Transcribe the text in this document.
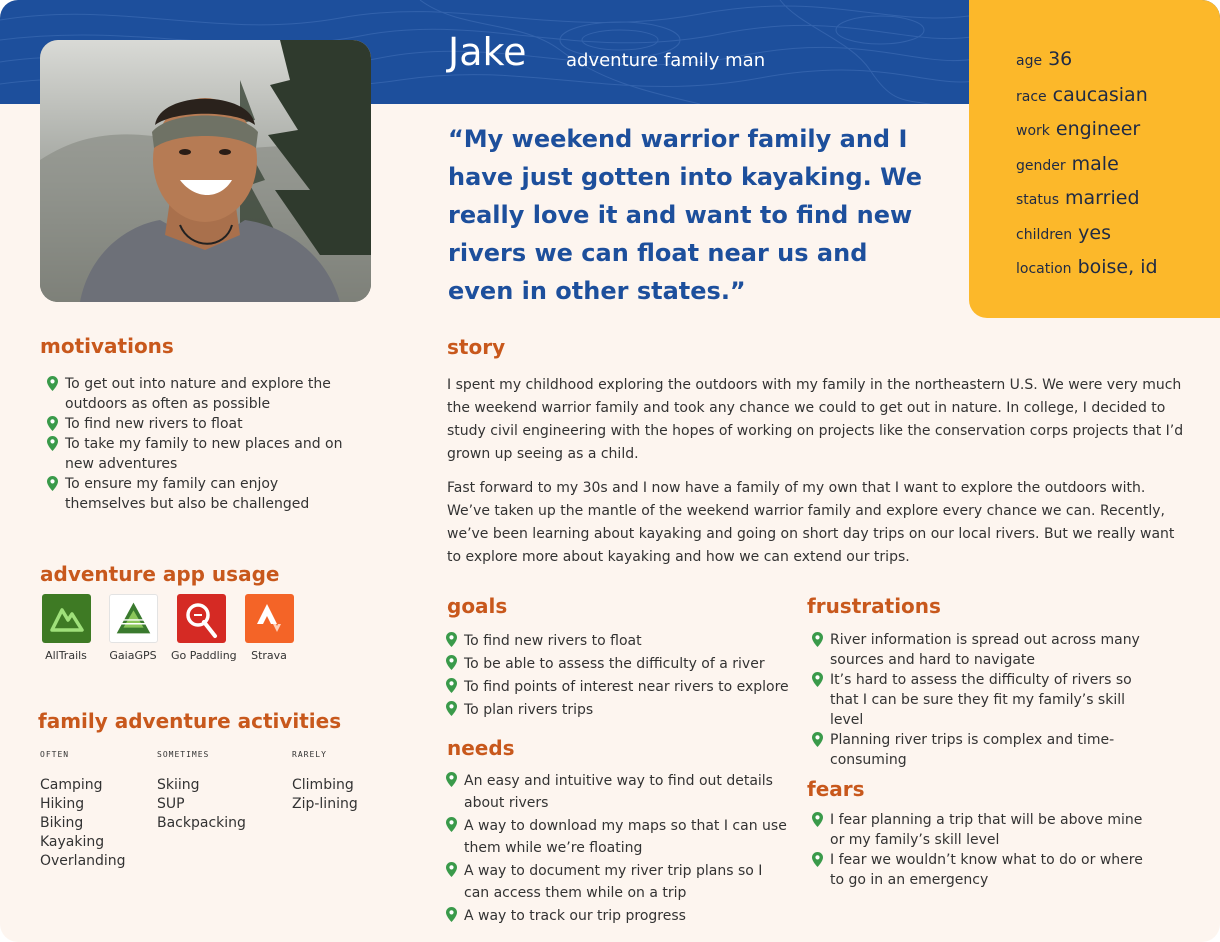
Jake adventure family man
“My weekend warrior family and I have just gotten into kayaking. We really love it and want to find new rivers we can float near us and even in other states.”
age 36
race caucasian
work engineer
gender male
status married
children yes
location boise, id
motivations
To get out into nature and explore the outdoors as often as possible
To find new rivers to float
To take my family to new places and on new adventures
To ensure my family can enjoy themselves but also be challenged
adventure app usage
AllTrails	GaiaGPS	Go Paddling	Strava
family adventure activities
OFTEN
Camping
Hiking
Biking
Kayaking
Overlanding
SOMETIMES
Skiing
SUP
Backpacking
RARELY
Climbing
Zip-lining
story

I spent my childhood exploring the outdoors with my family in the northeastern U.S. We were very much the weekend warrior family and took any chance we could to get out in nature. In college, I decided to study civil engineering with the hopes of working on projects like the conservation corps projects that I’d grown up seeing as a child.

Fast forward to my 30s and I now have a family of my own that I want to explore the outdoors with. We’ve taken up the mantle of the weekend warrior family and explore every chance we can. Recently, we’ve been learning about kayaking and going on short day trips on our local rivers. But we really want to explore more about kayaking and how we can extend our trips.

goals
To find new rivers to float
To be able to assess the difficulty of a river
To find points of interest near rivers to explore
To plan rivers trips
needs
An easy and intuitive way to find out details about rivers
A way to download my maps so that I can use them while we’re floating
A way to document my river trip plans so I can access them while on a trip
A way to track our trip progress
frustrations
River information is spread out across many sources and hard to navigate
It’s hard to assess the difficulty of rivers so that I can be sure they fit my family’s skill level
Planning river trips is complex and time-consuming
fears
I fear planning a trip that will be above mine or my family’s skill level
I fear we wouldn’t know what to do or where to go in an emergency
